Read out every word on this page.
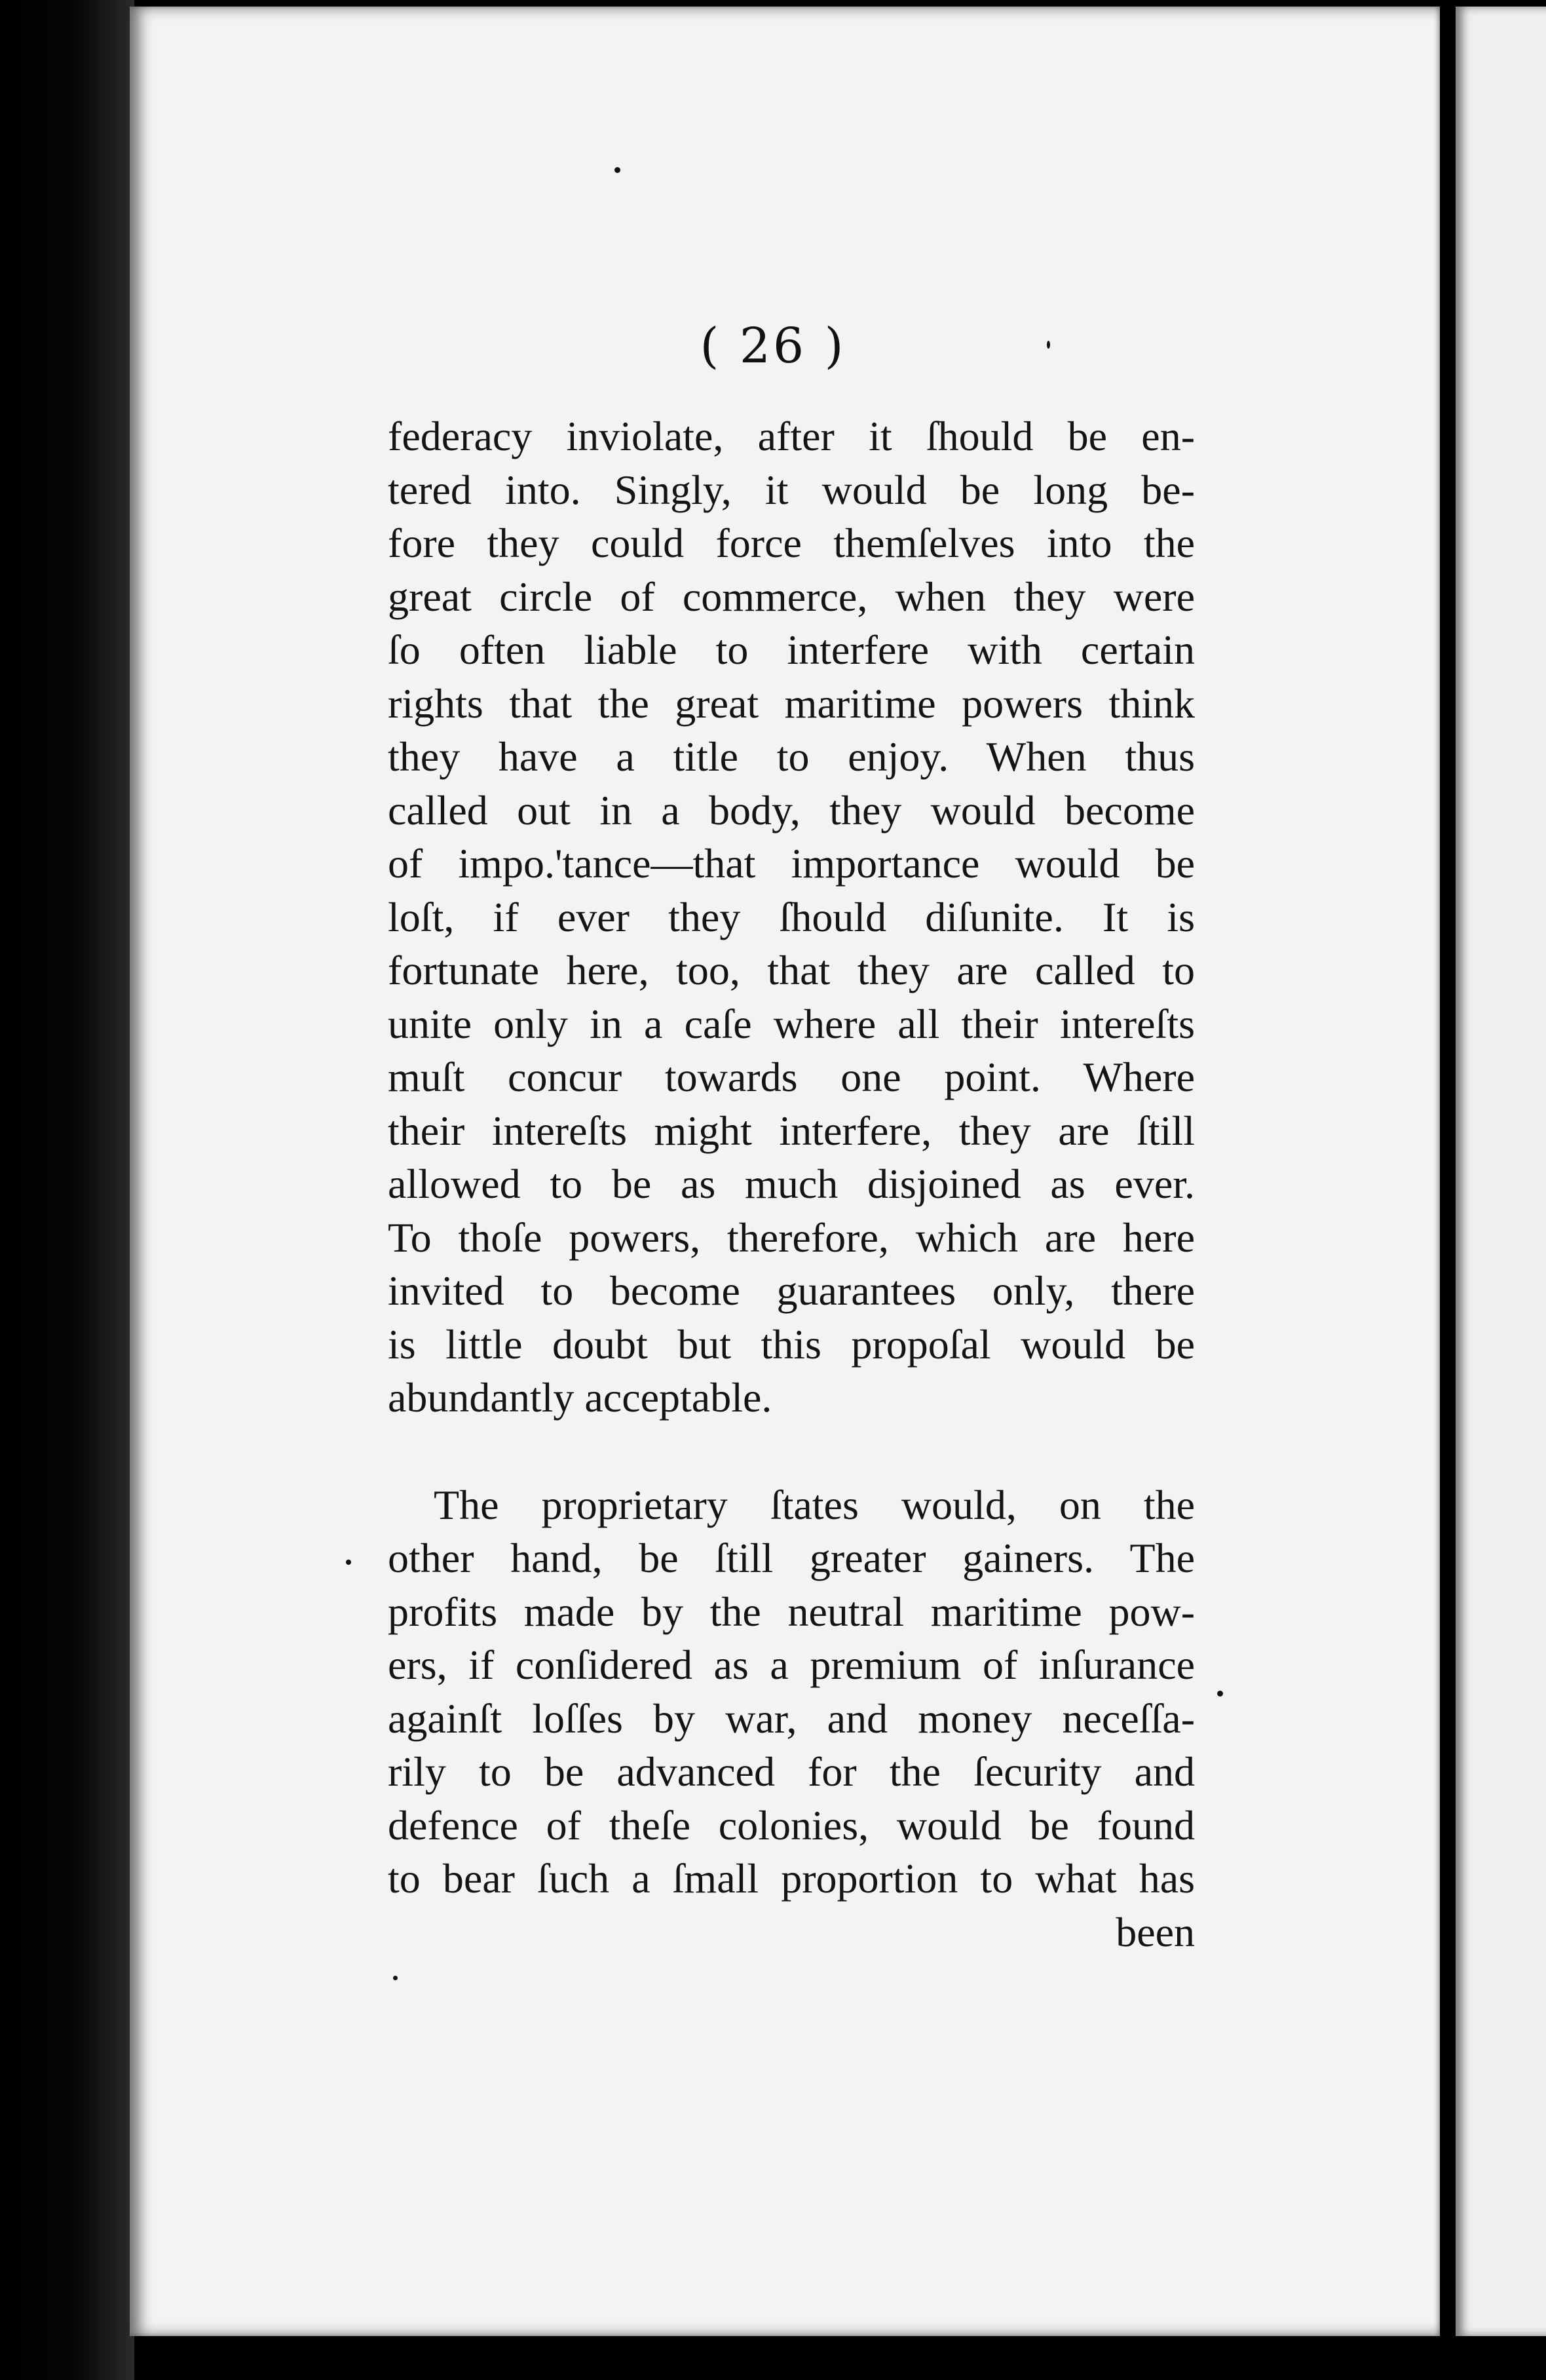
( 26 )
federacy inviolate, after it ſhould be en-
tered into. Singly, it would be long be-
fore they could force themſelves into the
great circle of commerce, when they were
ſo often liable to interfere with certain
rights that the great maritime powers think
they have a title to enjoy. When thus
called out in a body, they would become
of impo.'tance—that importance would be
loſt, if ever they ſhould diſunite. It is
fortunate here, too, that they are called to
unite only in a caſe where all their intereſts
muſt concur towards one point. Where
their intereſts might interfere, they are ſtill
allowed to be as much disjoined as ever.
To thoſe powers, therefore, which are here
invited to become guarantees only, there
is little doubt but this propoſal would be
abundantly acceptable.
The proprietary ſtates would, on the
other hand, be ſtill greater gainers. The
profits made by the neutral maritime pow-
ers, if conſidered as a premium of inſurance
againſt loſſes by war, and money neceſſa-
rily to be advanced for the ſecurity and
defence of theſe colonies, would be found
to bear ſuch a ſmall proportion to what has
been
